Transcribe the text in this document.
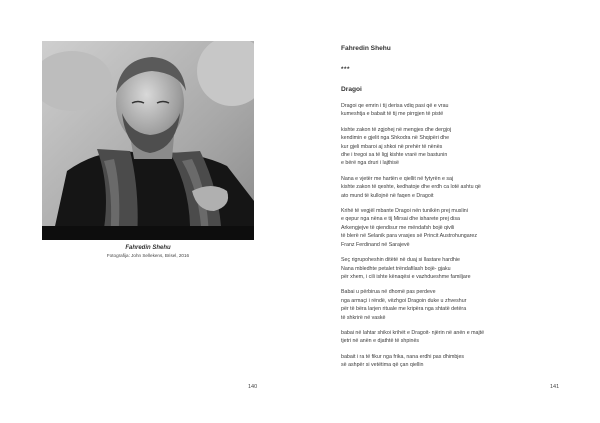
Fahredin Shehu
Fotografija: John Sellekens, Brisel, 2016
140
Fahredin Shehu
***
Dragoi
Dragoi qe emrin i tij derisa vdiq pasi që e vrau
kumeshtja e babait të tij me pirrgjen të pistë
kishte zakon të zgjohej në mengjes dhe dergjoj
kendimin e gjelit nga Shkodra në Shqipëri dhe
kur gjeli mbaroi aj shkoi në prehër të nënës
dhe i tregoi sa të ligj kishte vrarë me bastunin
e bërë nga druri i lajthisë
Nana e vjetër me hartën e qiellit në fytyrën e saj
kishte zakon të qeshte, kedhatoje dhe erdh ca lotë ashtu që
ato mund të kullojnë në faqen e Dragoit
Krihë të vegjël mbante Dragoi nën tunikën prej muslini
e qepur nga nëna e tij Mirsai dhe isharete prej disa
Arkengjejve të qiendisur me mëndafsh bojë qivili
të blerë në Selanik para vrasjes së Princit Austrohungarez
Franz Ferdinand në Sarajevë
Seç rigrupoheshin ditëtë në duaj si llastare hardhie
Nana mbledhte petalet trëndafilash bojë- gjaku
për xhem, i cili ishte kënaqësi e vazhdueshme familjare
Babai u përbirua në dhomë pas perdeve
nga armaçi i rëndë, vëzhgoi Dragoin duke u zhveshur
për të bëra larjen rituale me kripëra nga shtatë detëra
të shkrirë në vaskë
babai në lahtar shikoi krihët e Dragoit- njërin në anën e majtë
tjetri në anën e djathtë të shpinës
babait i ra të fikur nga frika, nana erdhi pas dhimbjes
së ashpër si vetëtima që çan qiellin
141
